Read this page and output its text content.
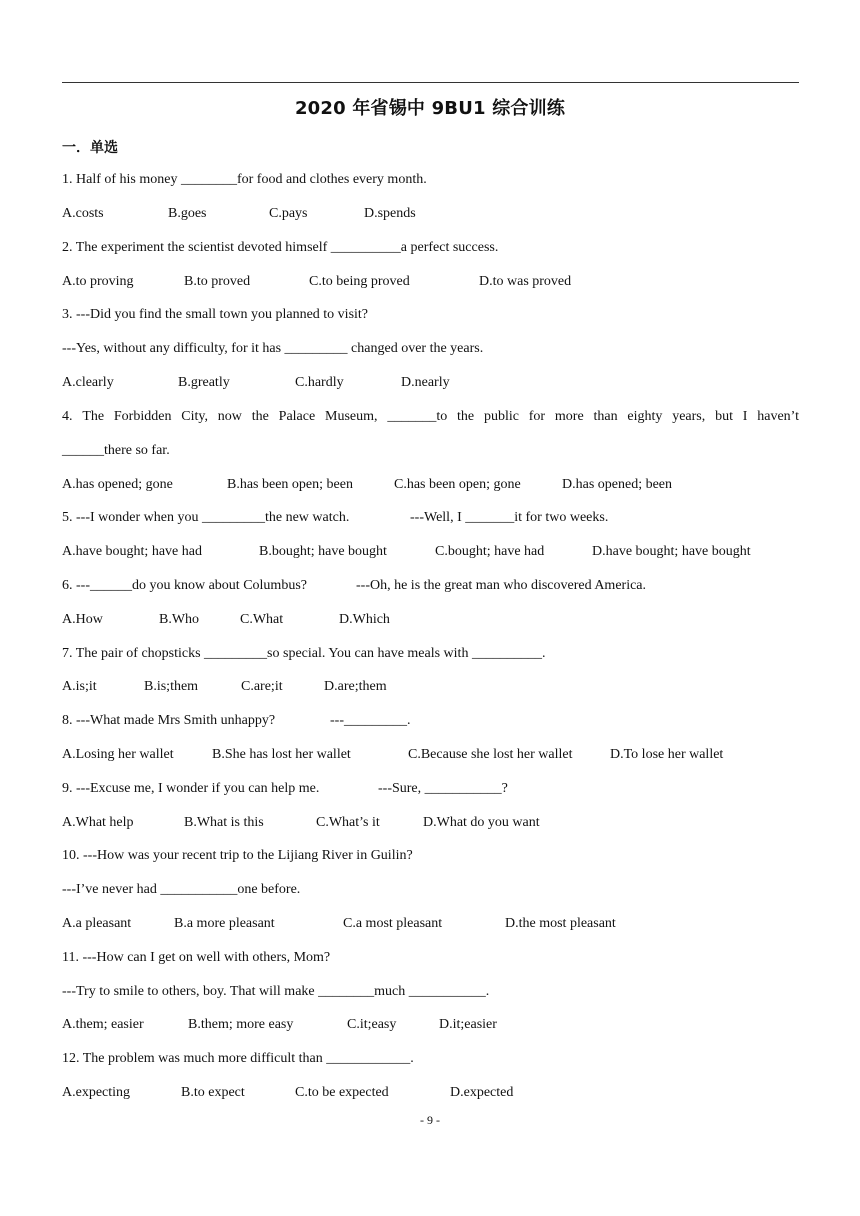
2020 年省锡中 9BU1 综合训练
一．单选
1. Half of his money ________for food and clothes every month.
A.costs	B.goes	C.pays	D.spends
2. The experiment the scientist devoted himself __________a perfect success.
A.to proving	B.to proved	C.to being proved	D.to was proved
3. ---Did you find the small town you planned to visit?
---Yes, without any difficulty, for it has _________ changed over the years.
A.clearly	B.greatly	C.hardly	D.nearly
4. The Forbidden City, now the Palace Museum, _______to the public for more than eighty years, but I haven’t
______there so far.
A.has opened; gone	B.has been open; been	C.has been open; gone	D.has opened; been
5. ---I wonder when you _________the new watch.	---Well, I _______it for two weeks.
A.have bought; have had	B.bought; have bought	C.bought; have had	D.have bought; have bought
6. ---______do you know about Columbus?	---Oh, he is the great man who discovered America.
A.How	B.Who	C.What	D.Which
7. The pair of chopsticks _________so special. You can have meals with __________.
A.is;it	B.is;them	C.are;it	D.are;them
8. ---What made Mrs Smith unhappy?	---_________.
A.Losing her wallet	B.She has lost her wallet	C.Because she lost her wallet	D.To lose her wallet
9. ---Excuse me, I wonder if you can help me.	---Sure, ___________?
A.What help	B.What is this	C.What’s it	D.What do you want
10. ---How was your recent trip to the Lijiang River in Guilin?
---I’ve never had ___________one before.
A.a pleasant	B.a more pleasant	C.a most pleasant	D.the most pleasant
11. ---How can I get on well with others, Mom?
---Try to smile to others, boy. That will make ________much ___________.
A.them; easier	B.them; more easy	C.it;easy	D.it;easier
12. The problem was much more difficult than ____________.
A.expecting	B.to expect	C.to be expected	D.expected
- 9 -
